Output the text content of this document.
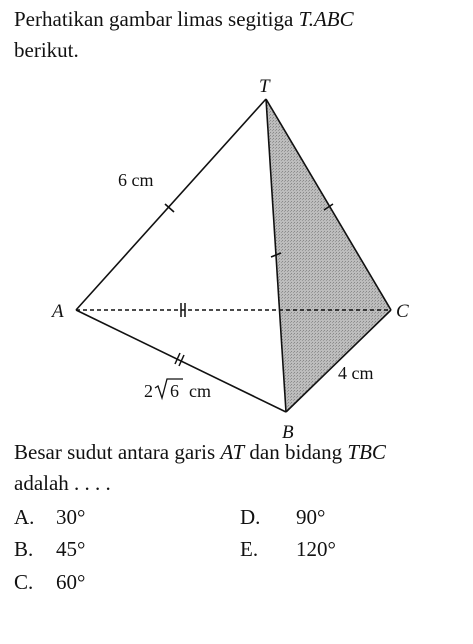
Perhatikan gambar limas segitiga T.ABC
berikut.
T
A
B
C
6 cm
4 cm
2 6 cm
Besar sudut antara garis AT dan bidang TBC
adalah . . . .
A. 30°
B. 45°
C. 60°
D. 90°
E. 120°
